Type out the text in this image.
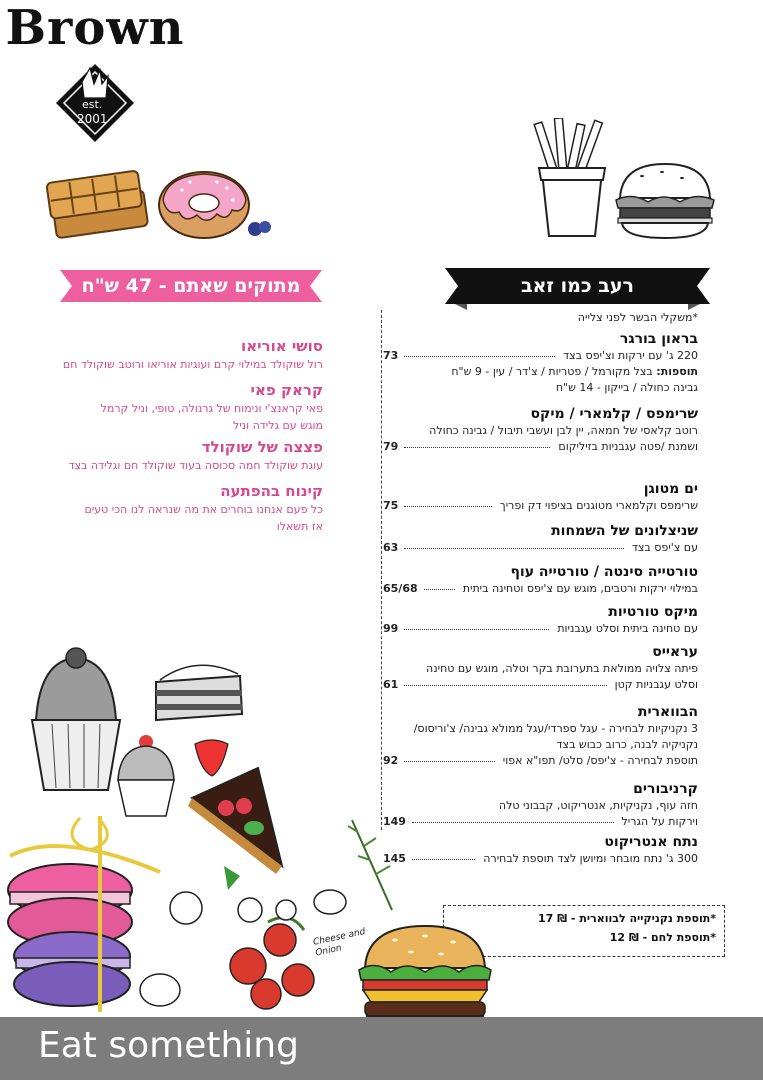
Brown
est.
2001
מתוקים שאתם - 47 ש"ח	רעב כמו זאב
*משקלי הבשר לפני צלייה
סושי אוריאו
רול שוקולד במילוי קרם ועוגיות אוריאו ורוטב שוקולד חם
קראק פאי
פאי קראנצ'י ונימוח של גרנולה, טופי, וניל קרמל
מוגש עם גלידה וניל
פצצה של שוקולד
עוגת שוקולד חמה סכוסה בעוד שוקולד חם וגלידה בצד
קינוח בהפתעה
כל פעם אנחנו בוחרים את מה שנראה לנו הכי טעים
אז תשאלו
בראון בורגר
220 ג' עם ירקות וצ'יפס בצד
73
תוספות: בצל מקורמל / פטריות / צ'דר / עין - 9 ש"ח
גבינה כחולה / בייקון - 14 ש"ח
שרימפס / קלמארי / מיקס
רוטב קלאסי של חמאה, יין לבן ועשבי תיבול / גבינה כחולה
ושמנת /פטה עגבניות בזיליקום
79
ים מטוגן
שרימפס וקלמארי מטוגנים בציפוי דק ופריך
75
שניצלונים של השמחות
עם צ'יפס בצד
63
טורטייה סינטה / טורטייה עוף
במילוי ירקות ורטבים, מוגש עם צ'יפס וטחינה ביתית
65/68
מיקס טורטיות
עם טחינה ביתית וסלט עגבניות
99
עראייס
פיתה צלויה ממולאת בתערובת בקר וטלה, מוגש עם טחינה
וסלט עגבניות קטן
61
הבווארית
3 נקניקיות לבחירה - עגל ספרדי/עגל ממולא גבינה/ צ'וריסוס/
נקניקיה לבנה, כרוב כבוש בצד
תוספת לבחירה - צ'יפס/ סלט/ תפו"א אפוי
92
קרניבורים
חזה עוף, נקניקיות, אנטריקוט, קבבוני טלה
וירקות על הגריל
149
נתח אנטריקוט
300 ג' נתח מובחר ומיושן לצד תוספת לבחירה
145
*תוספת נקניקייה לבווארית - ₪ 17
*תוספת לחם - ₪ 12
Cheese and Onion
Eat something
